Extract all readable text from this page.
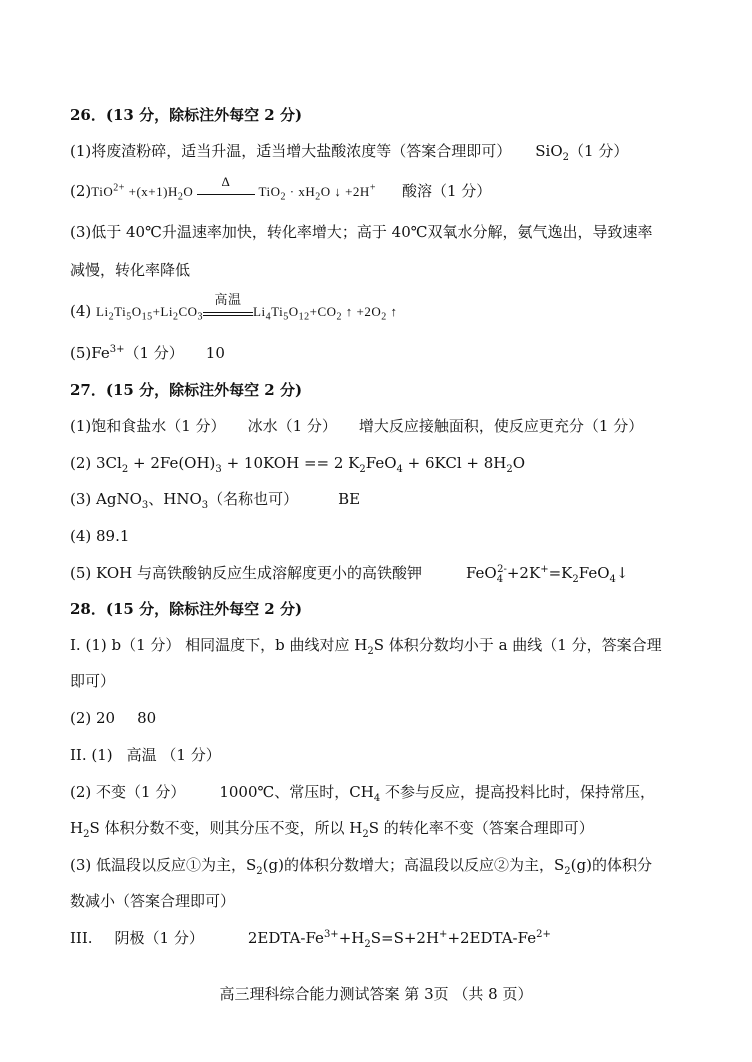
26．(13 分，除标注外每空 2 分)
(1)将废渣粉碎，适当升温，适当增大盐酸浓度等（答案合理即可） SiO$_2$（1 分）
$(2)TiO^{2+} +(x+1)H_2O$
Δ
$TiO_2 \cdot xH_2O$ ↓ +2H+ 酸溶（1 分）
(3)低于 40℃升温速率加快，转化率增大；高于 40℃双氧水分解，氨气逸出，导致速率
减慢，转化率降低
(4) $Li_2Ti_5O_{15}+Li_2CO_3$
高温
$Li_4Ti_5O_{12}+CO_2$ ↑ $+2O_2$ ↑
$(5)Fe^{3+}(1$ 分） 10
27．(15 分，除标注外每空 2 分)
(1)饱和食盐水（1 分） 冰水（1 分） 增大反应接触面积，使反应更充分（1 分）
(2) $3Cl_2 + 2Fe(OH)_3 + 10KOH == 2$ $K_2FeO_4 + 6KCl + 8H_2O$
(3) AgNO$_3$、$HNO_3$（名称也可）	BE
(4) 89.1
(5) KOH 与高铁酸钠反应生成溶解度更小的高铁酸钾	$FeO_4^{2-}+2K^+=K_2FeO_4↓$
28．(15 分，除标注外每空 2 分)
I. (1) b（1 分） 相同温度下，b 曲线对应 $H_2S$ 体积分数均小于 a 曲线（1 分，答案合理
即可）
(2) 20 80
II. (1) 高温 （1 分）
(2) 不变（1 分） 1000℃、常压时，$CH_4$ 不参与反应，提高投料比时，保持常压，
$H_2S$ 体积分数不变，则其分压不变，所以 $H_2S$ 的转化率不变（答案合理即可）
(3) 低温段以反应①为主，$S_2(g)$的体积分数增大；高温段以反应②为主，$S_2(g)$的体积分
数减小（答案合理即可）
III. 阴极（1 分）	$2EDTA-Fe^{3+}+H_2S=S+2H^++2EDTA-Fe^{2+}$
高三理科综合能力测试答案 第 3页 （共 8 页）
